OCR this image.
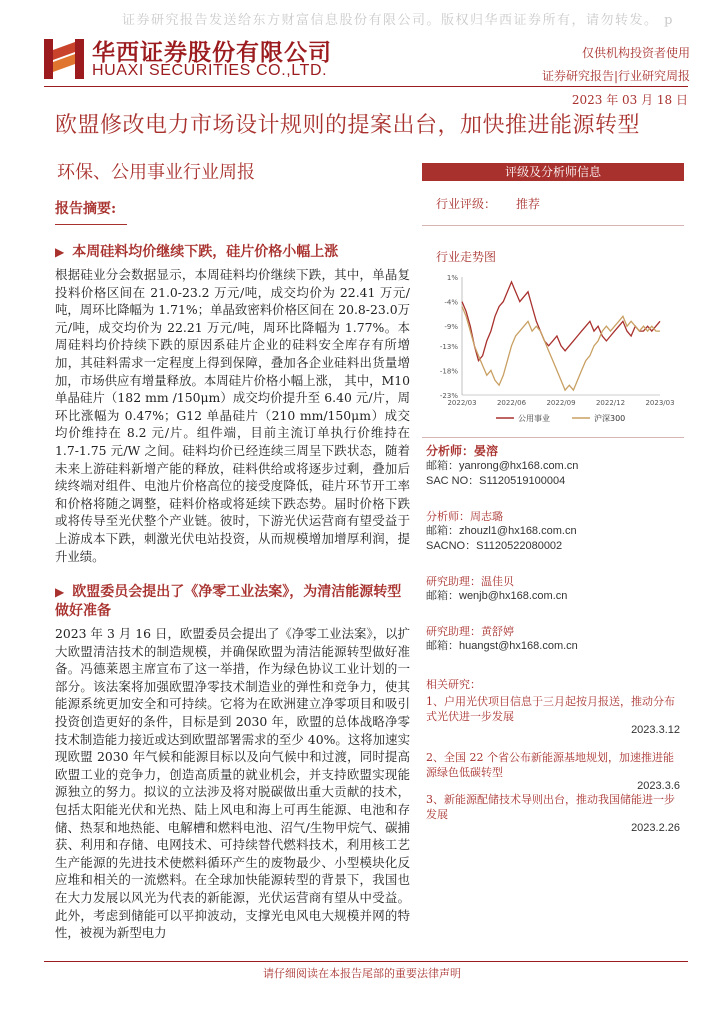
证券研究报告发送给东方财富信息股份有限公司。版权归华西证券所有，请勿转发。 p
华西证券股份有限公司
HUAXI SECURITIES CO.,LTD.
仅供机构投资者使用
证券研究报告|行业研究周报
2023 年 03 月 18 日
欧盟修改电力市场设计规则的提案出台，加快推进能源转型
环保、公用事业行业周报
报告摘要:
▶ 本周硅料均价继续下跌，硅片价格小幅上涨

根据硅业分会数据显示，本周硅料均价继续下跌，其中，单晶复投料价格区间在 21.0-23.2 万元/吨，成交均价为 22.41 万元/吨，周环比降幅为 1.71%；单晶致密料价格区间在 20.8-23.0万元/吨，成交均价为 22.21 万元/吨，周环比降幅为 1.77%。本周硅料均价持续下跌的原因系硅片企业的硅料安全库存有所增加，其硅料需求一定程度上得到保障，叠加各企业硅料出货量增加，市场供应有增量释放。本周硅片价格小幅上涨， 其中，M10 单晶硅片（182 mm /150μm）成交均价提升至 6.40 元/片，周环比涨幅为 0.47%；G12 单晶硅片（210 mm/150μm）成交均价维持在 8.2 元/片。组件端，目前主流订单执行价维持在 1.7-1.75 元/W 之间。硅料均价已经连续三周呈下跌状态，随着未来上游硅料新增产能的释放，硅料供给或将逐步过剩，叠加后续终端对组件、电池片价格高位的接受度降低，硅片环节开工率和价格将随之调整，硅料价格或将延续下跌态势。届时价格下跌或将传导至光伏整个产业链。彼时，下游光伏运营商有望受益于上游成本下跌，刺激光伏电站投资，从而规模增加增厚利润，提升业绩。

▶ 欧盟委员会提出了《净零工业法案》，为清洁能源转型做好准备

2023 年 3 月 16 日，欧盟委员会提出了《净零工业法案》，以扩大欧盟清洁技术的制造规模，并确保欧盟为清洁能源转型做好准备。冯德莱恩主席宣布了这一举措，作为绿色协议工业计划的一部分。该法案将加强欧盟净零技术制造业的弹性和竞争力，使其能源系统更加安全和可持续。它将为在欧洲建立净零项目和吸引投资创造更好的条件，目标是到 2030 年，欧盟的总体战略净零技术制造能力接近或达到欧盟部署需求的至少 40%。这将加速实现欧盟 2030 年气候和能源目标以及向气候中和过渡，同时提高欧盟工业的竞争力，创造高质量的就业机会，并支持欧盟实现能源独立的努力。拟议的立法涉及将对脱碳做出重大贡献的技术，包括太阳能光伏和光热、陆上风电和海上可再生能源、电池和存储、热泵和地热能、电解槽和燃料电池、沼气/生物甲烷气、碳捕获、利用和存储、电网技术、可持续替代燃料技术，利用核工艺生产能源的先进技术使燃料循环产生的废物最少、小型模块化反应堆和相关的一流燃料。在全球加快能源转型的背景下，我国也在大力发展以风光为代表的新能源，光伏运营商有望从中受益。此外，考虑到储能可以平抑波动，支撑光电风电大规模并网的特性，被视为新型电力

评级及分析师信息
行业评级： 推荐
行业走势图
1%
-4%
-9%
-13%
-18%
-23%
2022/03	2022/06	2022/09	2022/12	2023/03
公用事业	沪深300
分析师：晏溶
邮箱：yanrong@hx168.com.cn
SAC NO：S1120519100004
分析师：周志璐
邮箱：zhouzl1@hx168.com.cn
SACNO：S1120522080002
研究助理：温佳贝
邮箱：wenjb@hx168.com.cn
研究助理：黄舒婷
邮箱：huangst@hx168.com.cn
相关研究：
1、户用光伏项目信息于三月起按月报送，推动分布式光伏进一步发展
2023.3.12
2、全国 22 个省公布新能源基地规划，加速推进能源绿色低碳转型
2023.3.6
3、新能源配储技术导则出台，推动我国储能进一步发展
2023.2.26
请仔细阅读在本报告尾部的重要法律声明
